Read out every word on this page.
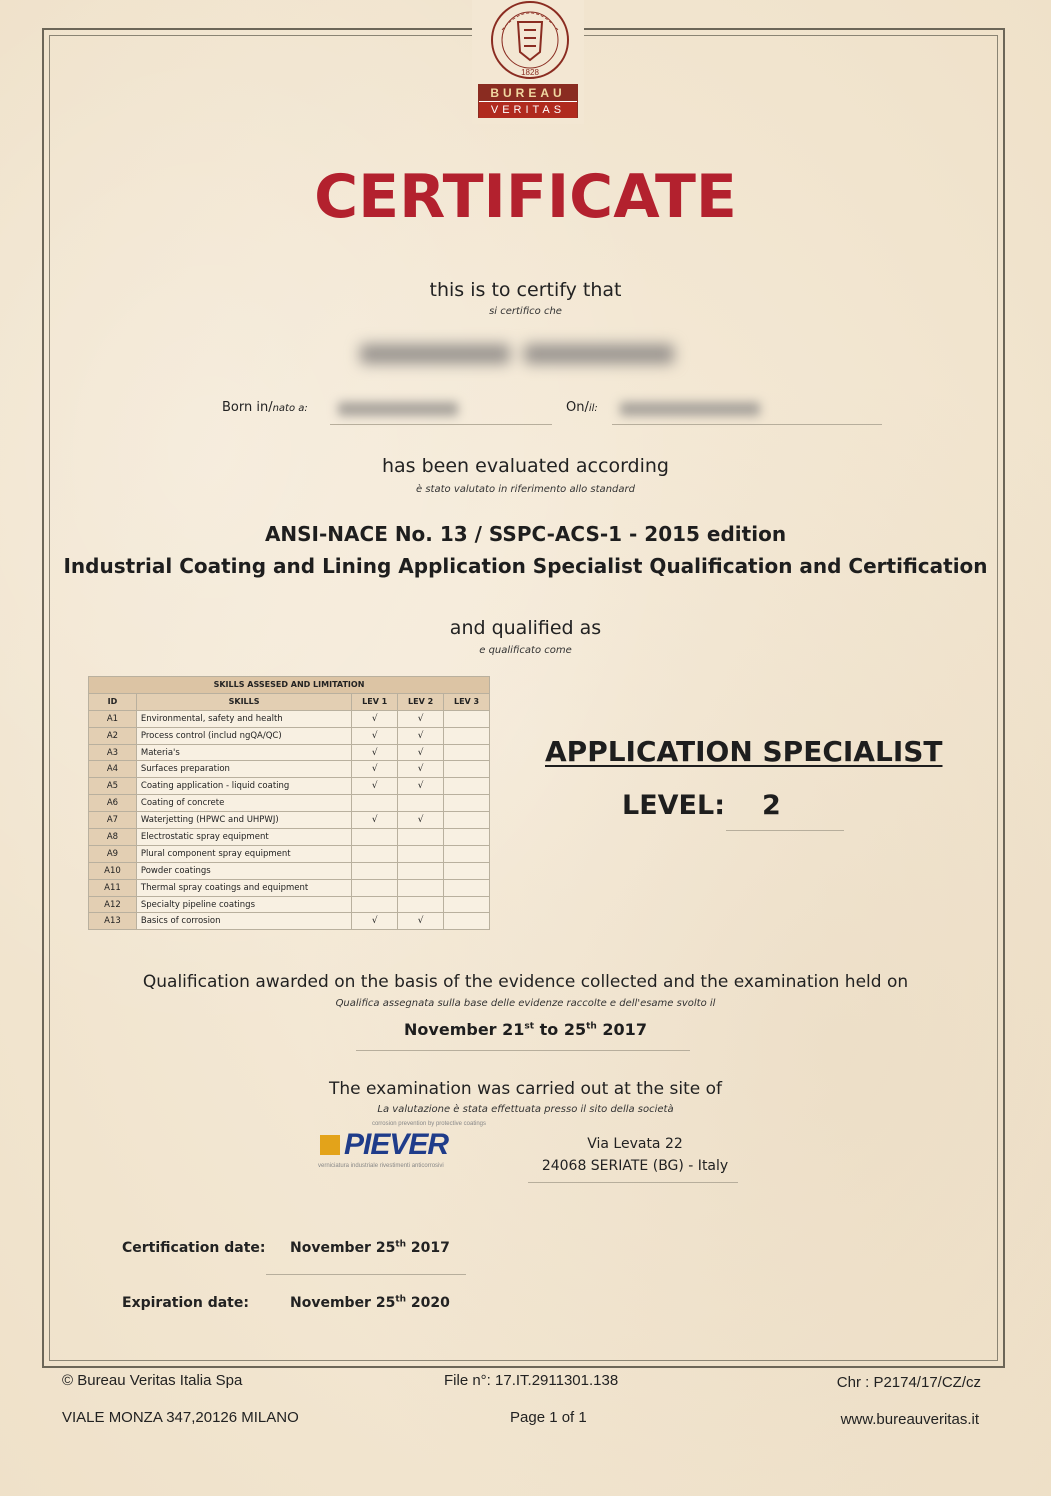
1828
BUREAU
VERITAS
CERTIFICATE
this is to certify that
si certifico che
Born in/nato a:	On/il:
has been evaluated according
è stato valutato in riferimento allo standard
ANSI-NACE No. 13 / SSPC-ACS-1 - 2015 edition
Industrial Coating and Lining Application Specialist Qualification and Certification
and qualified as
e qualificato come
SKILLS ASSESED AND LIMITATION				
ID	SKILLS	LEV 1	LEV 2	LEV 3
A1	Environmental, safety and health	√	√	
A2	Process control (includ ngQA/QC)	√	√	
A3	Materia's	√	√	
A4	Surfaces preparation	√	√	
A5	Coating application - liquid coating	√	√	
A6	Coating of concrete			
A7	Waterjetting (HPWC and UHPWJ)	√	√	
A8	Electrostatic spray equipment			
A9	Plural component spray equipment			
A10	Powder coatings			
A11	Thermal spray coatings and equipment			
A12	Specialty pipeline coatings			
A13	Basics of corrosion	√	√	
APPLICATION SPECIALIST
LEVEL: 2
Qualification awarded on the basis of the evidence collected and the examination held on
Qualifica assegnata sulla base delle evidenze raccolte e dell'esame svolto il
November 21st to 25th 2017
The examination was carried out at the site of
La valutazione è stata effettuata presso il sito della società
corrosion prevention by protective coatings
PIEVER
verniciatura industriale rivestimenti anticorrosivi
Via Levata 22
24068 SERIATE (BG) - Italy
Certification date: November 25th 2017
Expiration date:	November 25th 2020
© Bureau Veritas Italia Spa	File n°: 17.IT.2911301.138	Chr : P2174/17/CZ/cz
VIALE MONZA 347,20126 MILANO	Page 1 of 1	www.bureauveritas.it
